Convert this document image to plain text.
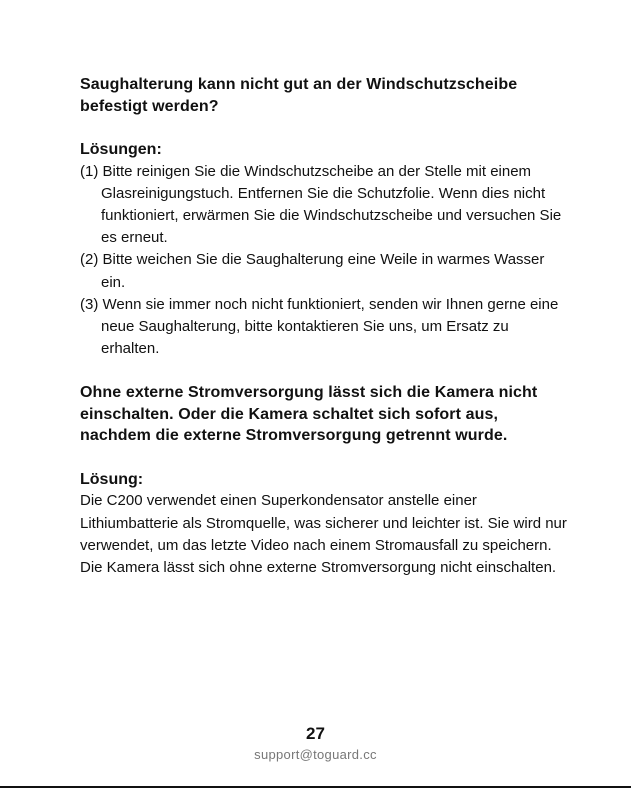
Saughalterung kann nicht gut an der Windschutzscheibe befestigt werden?

Lösungen:

(1) Bitte reinigen Sie die Windschutzscheibe an der Stelle mit einem Glasreinigungstuch. Entfernen Sie die Schutzfolie. Wenn dies nicht funktioniert, erwärmen Sie die Windschutzscheibe und versuchen Sie es erneut.

(2) Bitte weichen Sie die Saughalterung eine Weile in warmes Wasser ein.

(3) Wenn sie immer noch nicht funktioniert, senden wir Ihnen gerne eine neue Saughalterung, bitte kontaktieren Sie uns, um Ersatz zu erhalten.

Ohne externe Stromversorgung lässt sich die Kamera nicht einschalten. Oder die Kamera schaltet sich sofort aus, nachdem die externe Stromversorgung getrennt wurde.

Lösung:

Die C200 verwendet einen Superkondensator anstelle einer Lithiumbatterie als Stromquelle, was sicherer und leichter ist. Sie wird nur verwendet, um das letzte Video nach einem Stromausfall zu speichern. Die Kamera lässt sich ohne externe Stromversorgung nicht einschalten.

27
support@toguard.cc
